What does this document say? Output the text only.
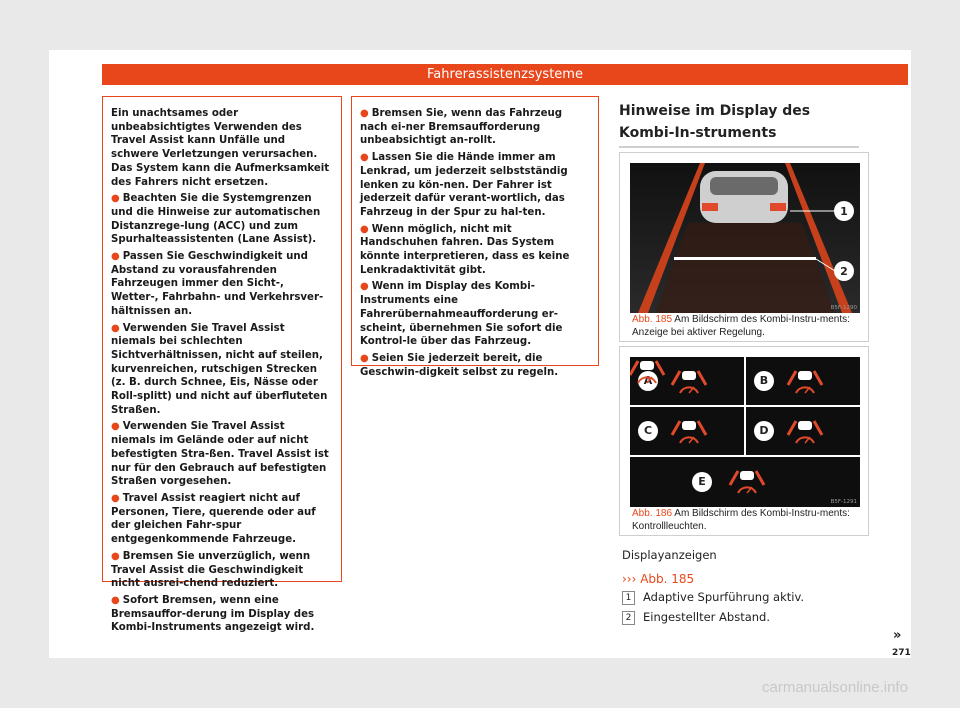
Fahrerassistenzsysteme

Ein unachtsames oder unbeabsichtigtes Verwenden des Travel Assist kann Unfälle und schwere Verletzungen verursachen. Das System kann die Aufmerksamkeit des Fahrers nicht ersetzen.

● Beachten Sie die Systemgrenzen und die Hinweise zur automatischen Distanzrege-lung (ACC) und zum Spurhalteassistenten (Lane Assist).

● Passen Sie Geschwindigkeit und Abstand zu vorausfahrenden Fahrzeugen immer den Sicht-, Wetter-, Fahrbahn- und Verkehrsver-hältnissen an.

● Verwenden Sie Travel Assist niemals bei schlechten Sichtverhältnissen, nicht auf steilen, kurvenreichen, rutschigen Strecken (z. B. durch Schnee, Eis, Nässe oder Roll-splitt) und nicht auf überfluteten Straßen.

● Verwenden Sie Travel Assist niemals im Gelände oder auf nicht befestigten Stra-ßen. Travel Assist ist nur für den Gebrauch auf befestigten Straßen vorgesehen.

● Travel Assist reagiert nicht auf Personen, Tiere, querende oder auf der gleichen Fahr-spur entgegenkommende Fahrzeuge.

● Bremsen Sie unverzüglich, wenn Travel Assist die Geschwindigkeit nicht ausrei-chend reduziert.

● Sofort Bremsen, wenn eine Bremsauffor-derung im Display des Kombi-Instruments angezeigt wird.

● Bremsen Sie, wenn das Fahrzeug nach ei-ner Bremsaufforderung unbeabsichtigt an-rollt.

● Lassen Sie die Hände immer am Lenkrad, um jederzeit selbstständig lenken zu kön-nen. Der Fahrer ist jederzeit dafür verant-wortlich, das Fahrzeug in der Spur zu hal-ten.

● Wenn möglich, nicht mit Handschuhen fahren. Das System könnte interpretieren, dass es keine Lenkradaktivität gibt.

● Wenn im Display des Kombi-Instruments eine Fahrerübernahmeaufforderung er-scheint, übernehmen Sie sofort die Kontrol-le über das Fahrzeug.

● Seien Sie jederzeit bereit, die Geschwin-digkeit selbst zu regeln.

Hinweise im Display des Kombi-In-struments
1
2
B5F-1290
Abb. 185 Am Bildschirm des Kombi-Instru-ments: Anzeige bei aktiver Regelung.
A	B
C	D
E
B5F-1291
Abb. 186 Am Bildschirm des Kombi-Instru-ments: Kontrollleuchten.
Displayanzeigen
››› Abb. 185
1 Adaptive Spurführung aktiv.
2 Eingestellter Abstand.
»
271
carmanualsonline.info
